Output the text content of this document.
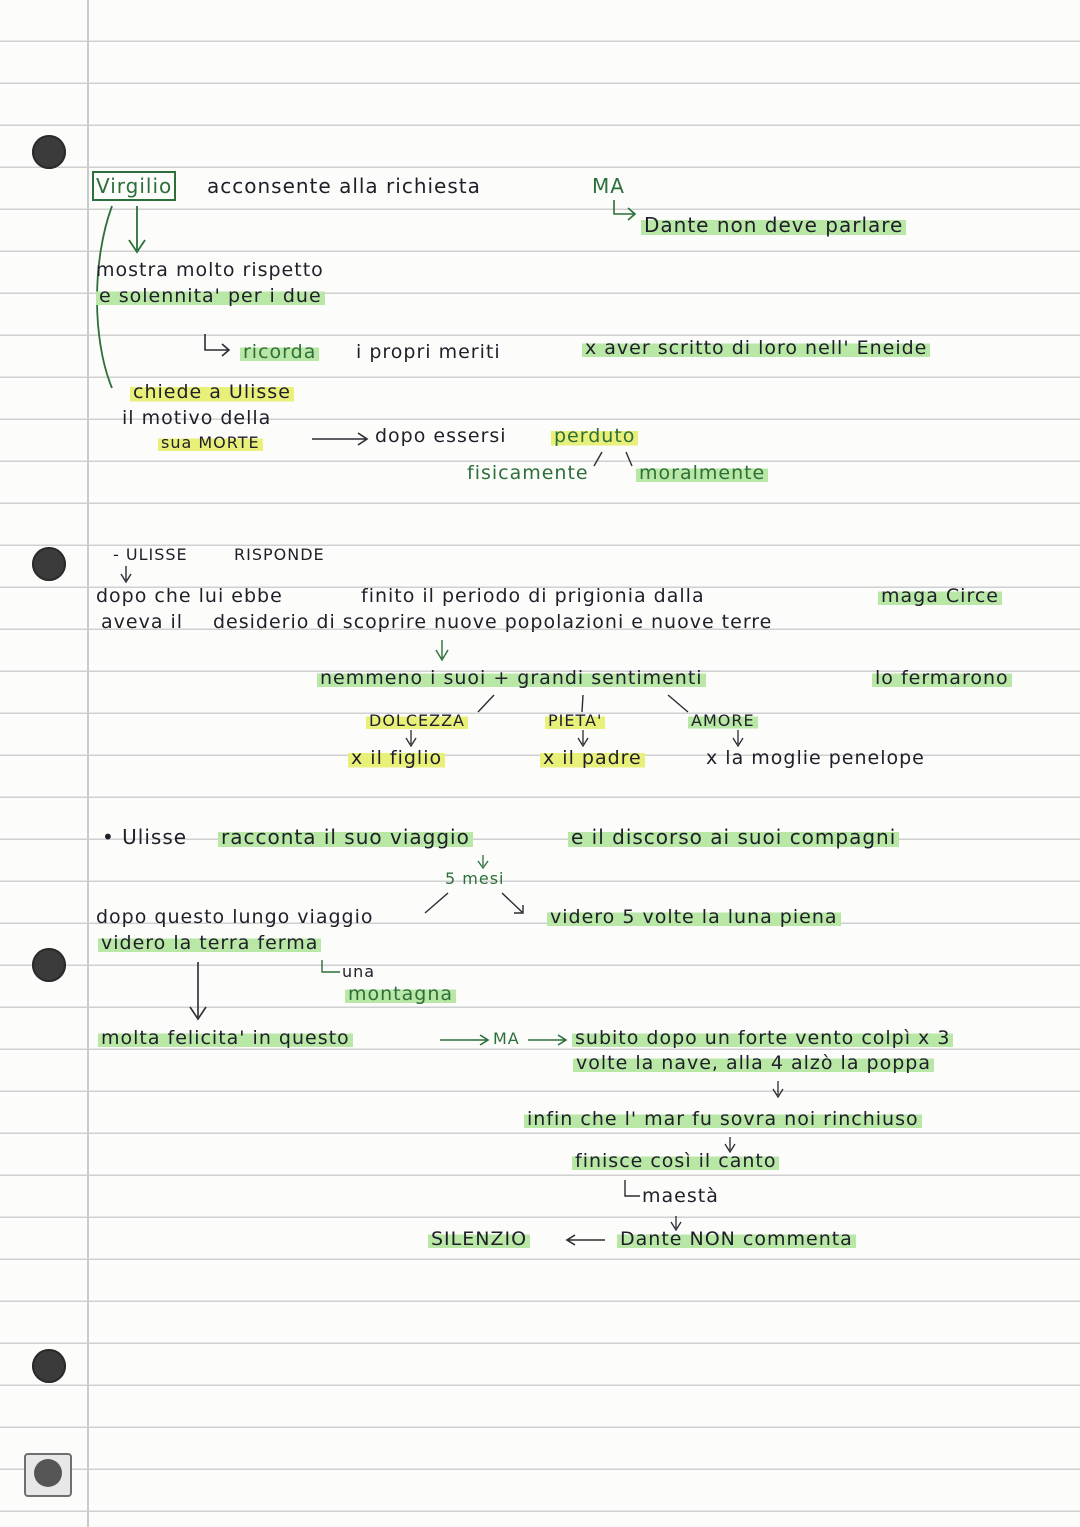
Virgilio acconsente alla richiesta	MA
Dante non deve parlare
mostra molto rispetto
e solennita' per i due
ricorda i propri meriti	x aver scritto di loro nell' Eneide
chiede a Ulisse
il motivo della
sua MORTE	dopo essersi perduto
fisicamente	moralmente
- ULISSE	RISPONDE
dopo che lui ebbe	finito il periodo di prigionia dalla	maga Circe
aveva il desiderio di scoprire nuove popolazioni e nuove terre
nemmeno i suoi + grandi sentimenti	lo fermarono
DOLCEZZA	PIETA'	AMORE
x il figlio	x il padre	x la moglie penelope
• Ulisse racconta il suo viaggio	e il discorso ai suoi compagni
5 mesi
dopo questo lungo viaggio	videro 5 volte la luna piena
videro la terra ferma
una
montagna
molta felicita' in questo	MA	subito dopo un forte vento colpì x 3
volte la nave, alla 4 alzò la poppa
infin che l' mar fu sovra noi rinchiuso
finisce così il canto
maestà
SILENZIO	Dante NON commenta
